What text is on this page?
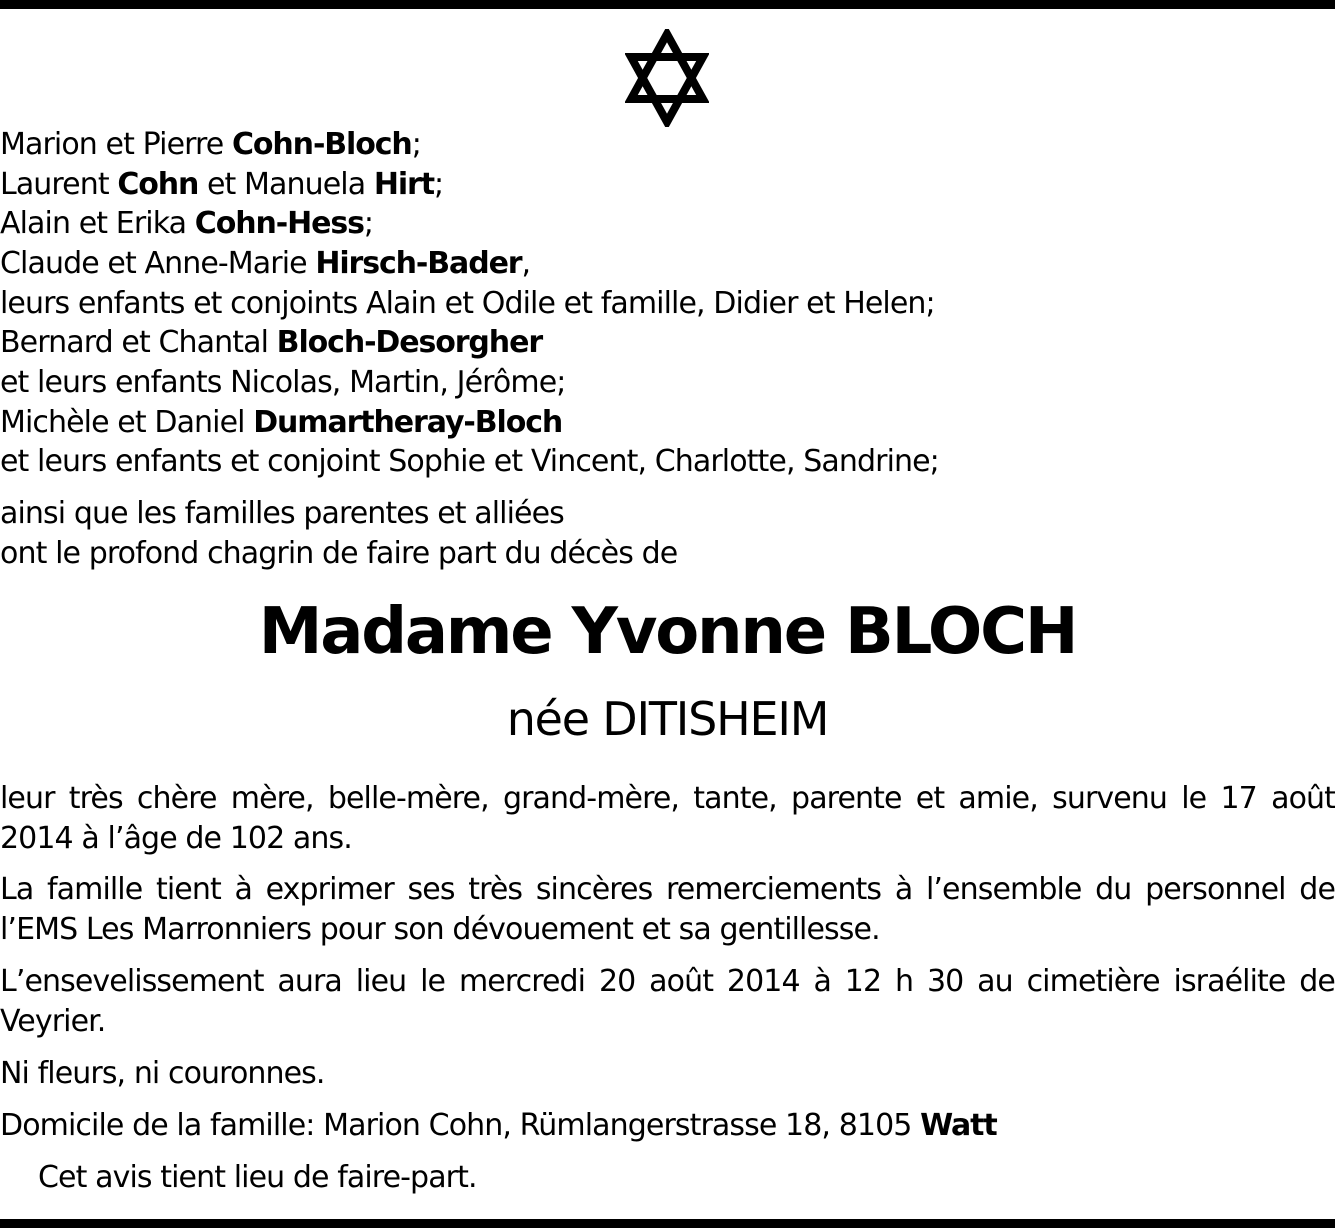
Marion et Pierre Cohn-Bloch;
Laurent Cohn et Manuela Hirt;
Alain et Erika Cohn-Hess;
Claude et Anne-Marie Hirsch-Bader,
leurs enfants et conjoints Alain et Odile et famille, Didier et Helen;
Bernard et Chantal Bloch-Desorgher
et leurs enfants Nicolas, Martin, Jérôme;
Michèle et Daniel Dumartheray-Bloch
et leurs enfants et conjoint Sophie et Vincent, Charlotte, Sandrine;
ainsi que les familles parentes et alliées
ont le profond chagrin de faire part du décès de
Madame Yvonne BLOCH
née DITISHEIM
leur très chère mère, belle-mère, grand-mère, tante, parente et amie, survenu le 17 août 2014 à l’âge de 102 ans.
La famille tient à exprimer ses très sincères remerciements à l’ensemble du personnel de l’EMS Les Marronniers pour son dévouement et sa gentillesse.
L’ensevelissement aura lieu le mercredi 20 août 2014 à 12 h 30 au cimetière israélite de Veyrier.
Ni fleurs, ni couronnes.
Domicile de la famille: Marion Cohn, Rümlangerstrasse 18, 8105 Watt
Cet avis tient lieu de faire-part.
